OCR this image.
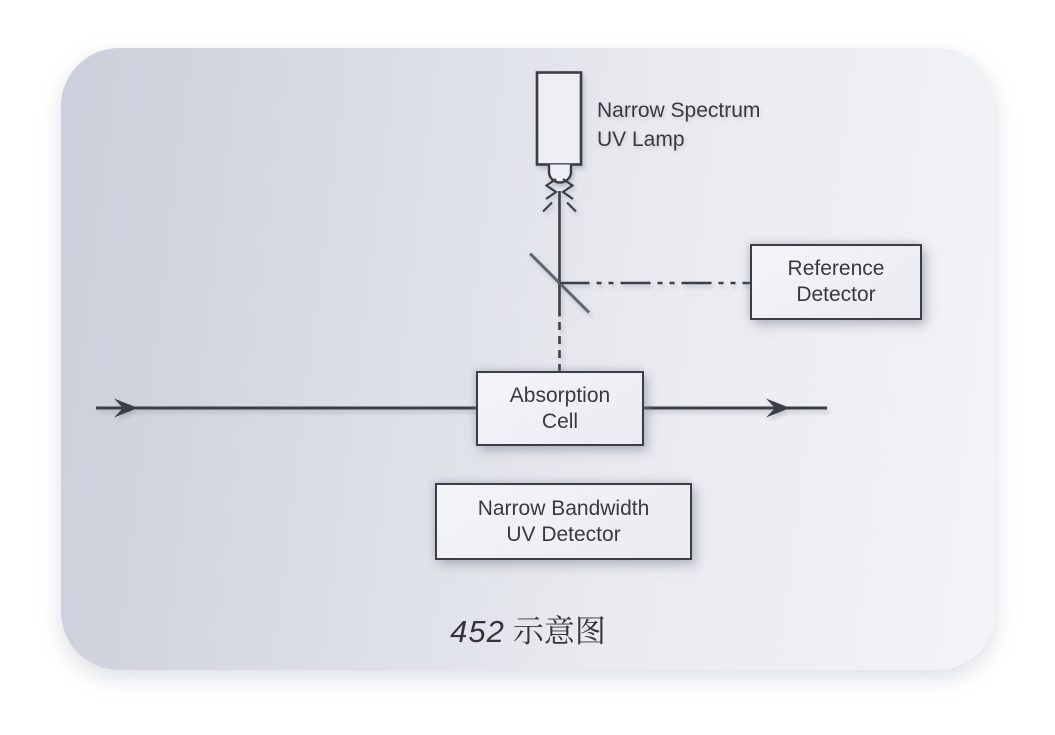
Narrow Spectrum
UV Lamp
Reference
Detector
Absorption
Cell
Narrow Bandwidth
UV Detector
452 示意图
